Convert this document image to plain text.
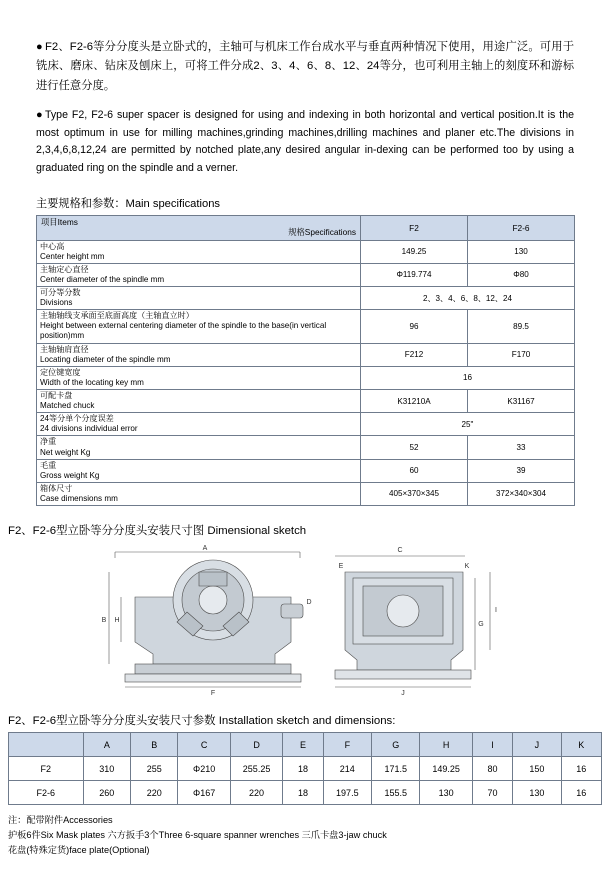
● F2、F2-6等分分度头是立卧式的，主轴可与机床工作台成水平与垂直两种情况下使用，用途广泛。可用于铣床、磨床、钻床及刨床上，可将工件分成2、3、4、6、8、12、24等分，也可利用主轴上的刻度环和游标进行任意分度。

● Type F2, F2-6 super spacer is designed for using and indexing in both horizontal and vertical position.It is the most optimum in use for milling machines,grinding machines,drilling machines and planer etc.The divisions in 2,3,4,6,8,12,24 are permitted by notched plate,any desired angular in-dexing can be performed too by using a graduated ring on the spindle and a verner.

主要规格和参数：Main specifications
项目Items
规格Specifications	F2	F2-6

中心高
Center height mm	149.25	130

主轴定心直径
Center diameter of the spindle mm	Φ119.774	Φ80

可分等分数
Divisions	2、3、4、6、8、12、24	

主轴轴线支承面至底面高度（主轴直立时）
Height between external centering diameter of the spindle to the base(in vertical position)mm	96	89.5

主轴轴肩直径
Locating diameter of the spindle mm	F212	F170

定位键宽度
Width of the locating key mm	16	

可配卡盘
Matched chuck	K31210A	K31167

24等分单个分度误差
24 divisions individual error	25"	

净重
Net weight Kg	52	33

毛重
Gross weight Kg	60	39

箱体尺寸
Case dimensions mm	405×370×345	372×340×304
F2、F2-6型立卧等分分度头安装尺寸图 Dimensional sketch
A
B H
F
C
G
I
J
E	K
D
F2、F2-6型立卧等分分度头安装尺寸参数 Installation sketch and dimensions:
	A	B	C	D	E	F	G	H	I	J	K
F2	310	255	Φ210	255.25	18	214	171.5	149.25	80	150	16
F2-6	260	220	Φ167	220	18	197.5	155.5	130	70	130	16
注：配带附件Accessories
护板6件Six Mask plates 六方扳手3个Three 6-square spanner wrenches 三爪卡盘3-jaw chuck
花盘(特殊定货)face plate(Optional)
